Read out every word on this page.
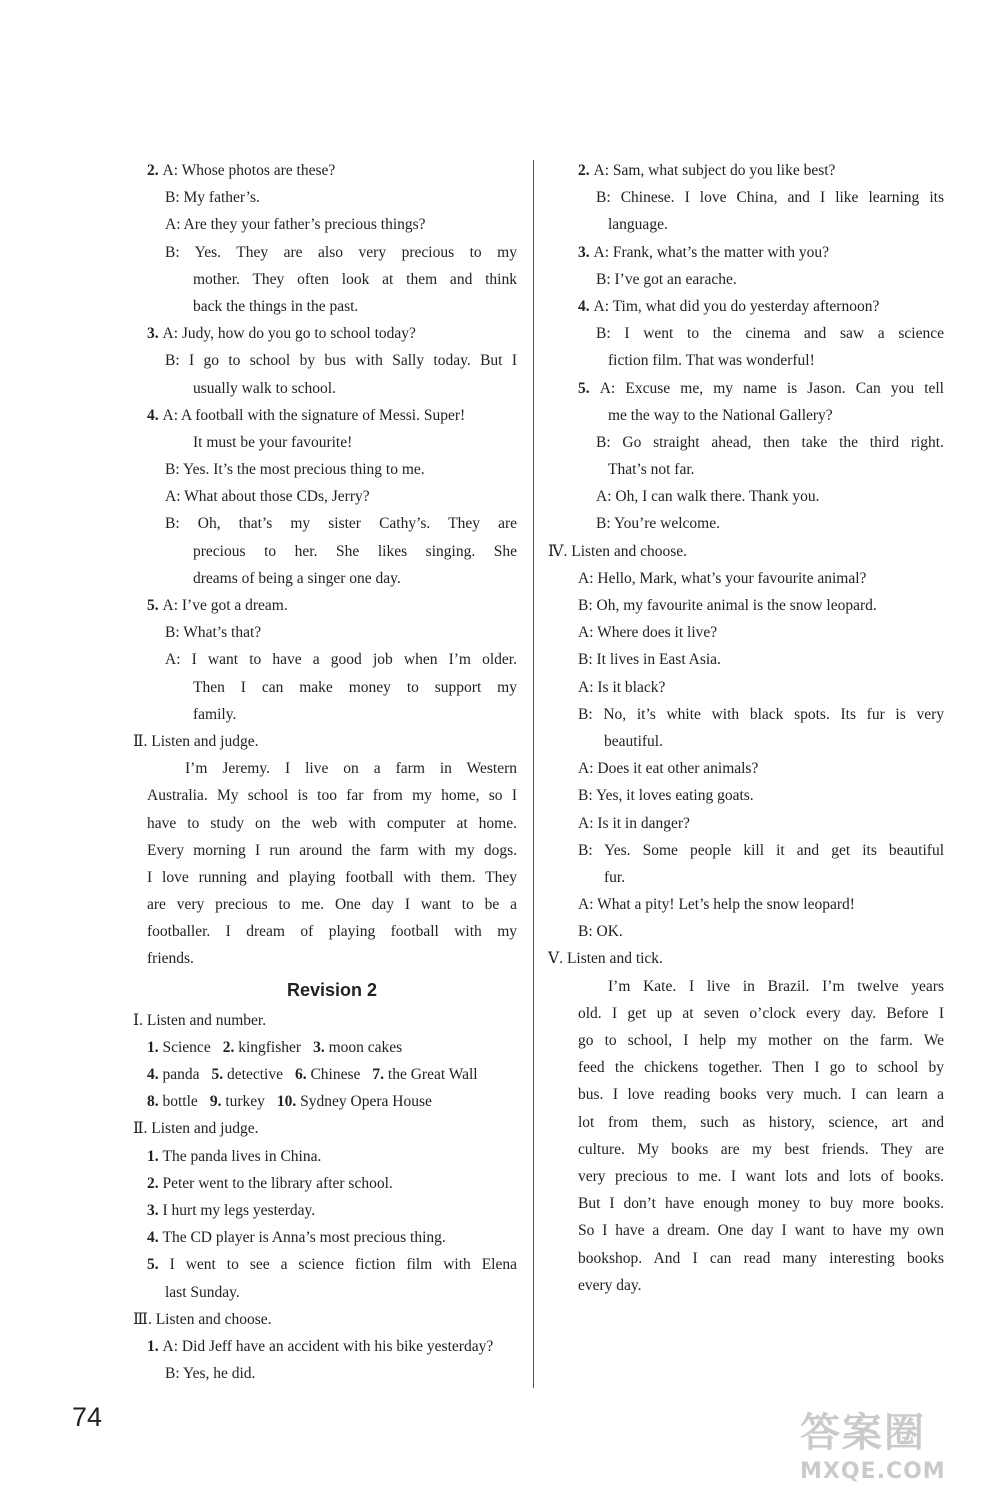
2. A: Whose photos are these?
B: My father’s.
A: Are they your father’s precious things?
B: Yes. They are also very precious to my
mother. They often look at them and think
back the things in the past.
3. A: Judy, how do you go to school today?
B: I go to school by bus with Sally today. But I
usually walk to school.
4. A: A football with the signature of Messi. Super!
It must be your favourite!
B: Yes. It’s the most precious thing to me.
A: What about those CDs, Jerry?
B: Oh, that’s my sister Cathy’s. They are
precious to her. She likes singing. She
dreams of being a singer one day.
5. A: I’ve got a dream.
B: What’s that?
A: I want to have a good job when I’m older.
Then I can make money to support my
family.
Ⅱ. Listen and judge.
I’m Jeremy. I live on a farm in Western
Australia. My school is too far from my home, so I
have to study on the web with computer at home.
Every morning I run around the farm with my dogs.
I love running and playing football with them. They
are very precious to me. One day I want to be a
footballer. I dream of playing football with my
friends.
Revision 2
Ⅰ. Listen and number.
1. Science 2. kingfisher 3. moon cakes
4. panda 5. detective 6. Chinese 7. the Great Wall
8. bottle 9. turkey 10. Sydney Opera House
Ⅱ. Listen and judge.
1. The panda lives in China.
2. Peter went to the library after school.
3. I hurt my legs yesterday.
4. The CD player is Anna’s most precious thing.
5. I went to see a science fiction film with Elena
last Sunday.
Ⅲ. Listen and choose.
1. A: Did Jeff have an accident with his bike yesterday?
B: Yes, he did.
2. A: Sam, what subject do you like best?
B: Chinese. I love China, and I like learning its
language.
3. A: Frank, what’s the matter with you?
B: I’ve got an earache.
4. A: Tim, what did you do yesterday afternoon?
B: I went to the cinema and saw a science
fiction film. That was wonderful!
5. A: Excuse me, my name is Jason. Can you tell
me the way to the National Gallery?
B: Go straight ahead, then take the third right.
That’s not far.
A: Oh, I can walk there. Thank you.
B: You’re welcome.
Ⅳ. Listen and choose.
A: Hello, Mark, what’s your favourite animal?
B: Oh, my favourite animal is the snow leopard.
A: Where does it live?
B: It lives in East Asia.
A: Is it black?
B: No, it’s white with black spots. Its fur is very
beautiful.
A: Does it eat other animals?
B: Yes, it loves eating goats.
A: Is it in danger?
B: Yes. Some people kill it and get its beautiful
fur.
A: What a pity! Let’s help the snow leopard!
B: OK.
Ⅴ. Listen and tick.
I’m Kate. I live in Brazil. I’m twelve years
old. I get up at seven o’clock every day. Before I
go to school, I help my mother on the farm. We
feed the chickens together. Then I go to school by
bus. I love reading books very much. I can learn a
lot from them, such as history, science, art and
culture. My books are my best friends. They are
very precious to me. I want lots and lots of books.
But I don’t have enough money to buy more books.
So I have a dream. One day I want to have my own
bookshop. And I can read many interesting books
every day.
74	答案圈
MXQE.COM
